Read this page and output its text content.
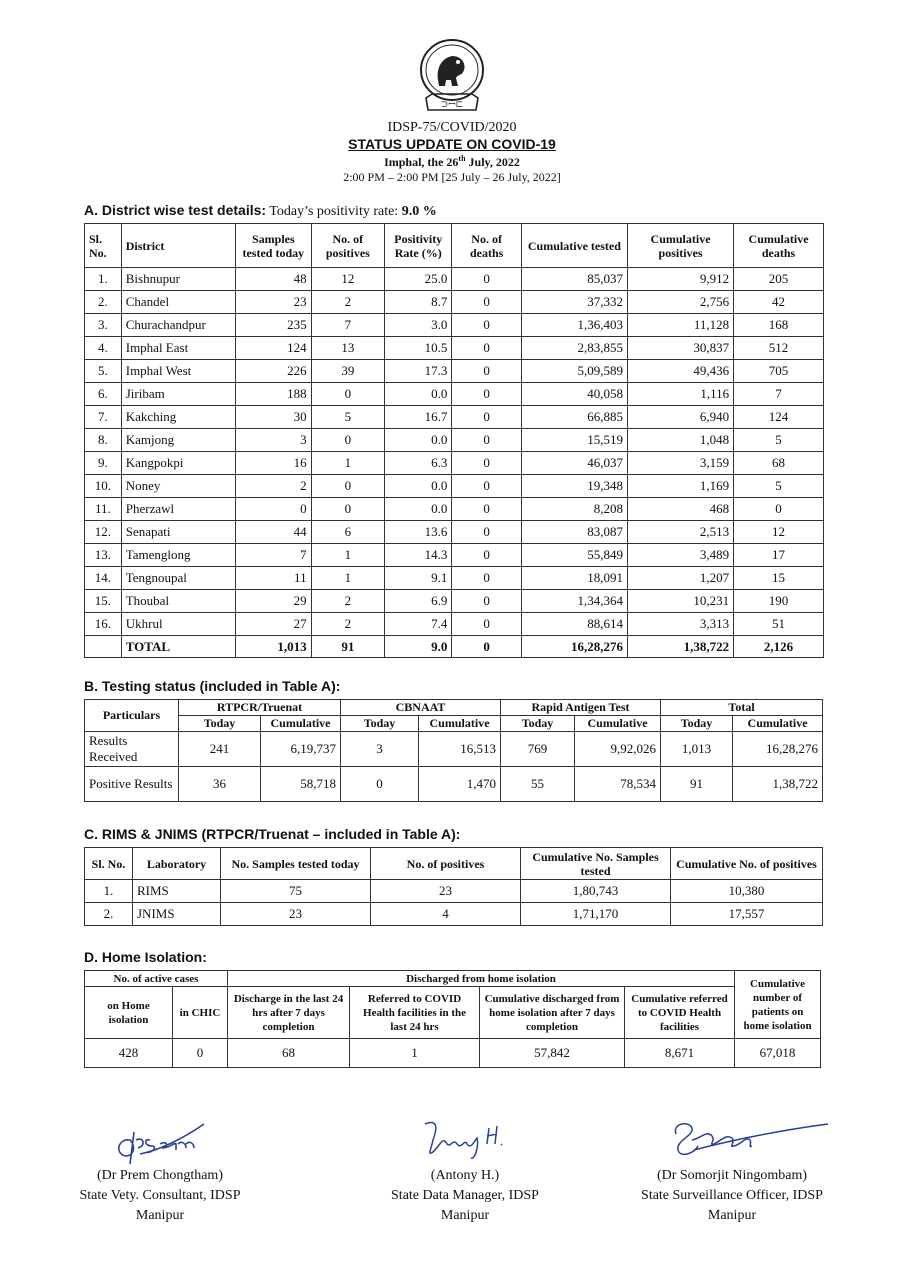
⊃ꟷ⊏
IDSP-75/COVID/2020
STATUS UPDATE ON COVID-19
Imphal, the 26th July, 2022
2:00 PM – 2:00 PM [25 July – 26 July, 2022]
A. District wise test details: Today’s positivity rate: 9.0 %
Sl. No.	District	Samples tested today	No. of positives	Positivity Rate (%)	No. of deaths	Cumulative tested	Cumulative positives	Cumulative deaths
1.	Bishnupur	48	12	25.0	0	85,037	9,912	205
2.	Chandel	23	2	8.7	0	37,332	2,756	42
3.	Churachandpur	235	7	3.0	0	1,36,403	11,128	168
4.	Imphal East	124	13	10.5	0	2,83,855	30,837	512
5.	Imphal West	226	39	17.3	0	5,09,589	49,436	705
6.	Jiribam	188	0	0.0	0	40,058	1,116	7
7.	Kakching	30	5	16.7	0	66,885	6,940	124
8.	Kamjong	3	0	0.0	0	15,519	1,048	5
9.	Kangpokpi	16	1	6.3	0	46,037	3,159	68
10.	Noney	2	0	0.0	0	19,348	1,169	5
11.	Pherzawl	0	0	0.0	0	8,208	468	0
12.	Senapati	44	6	13.6	0	83,087	2,513	12
13.	Tamenglong	7	1	14.3	0	55,849	3,489	17
14.	Tengnoupal	11	1	9.1	0	18,091	1,207	15
15.	Thoubal	29	2	6.9	0	1,34,364	10,231	190
16.	Ukhrul	27	2	7.4	0	88,614	3,313	51
	TOTAL	1,013	91	9.0	0	16,28,276	1,38,722	2,126
B. Testing status (included in Table A):
Particulars	RTPCR/Truenat		CBNAAT		Rapid Antigen Test		Total	
	Today	Cumulative	Today	Cumulative	Today	Cumulative	Today	Cumulative
Results Received	241	6,19,737	3	16,513	769	9,92,026	1,013	16,28,276
Positive Results	36	58,718	0	1,470	55	78,534	91	1,38,722
C. RIMS & JNIMS (RTPCR/Truenat – included in Table A):
Sl. No.	Laboratory	No. Samples tested today	No. of positives	Cumulative No. Samples tested	Cumulative No. of positives
1.	RIMS	75	23	1,80,743	10,380
2.	JNIMS	23	4	1,71,170	17,557
D. Home Isolation:
No. of active cases		Discharged from home isolation				Cumulative number of patients on home isolation
on Home isolation	in CHIC	Discharge in the last 24 hrs after 7 days completion	Referred to COVID Health facilities in the last 24 hrs	Cumulative discharged from home isolation after 7 days completion	Cumulative referred to COVID Health facilities	
428	0	68	1	57,842	8,671	67,018
(Dr Prem Chongtham)
State Vety. Consultant, IDSP
Manipur
(Antony H.)
State Data Manager, IDSP
Manipur
(Dr Somorjit Ningombam)
State Surveillance Officer, IDSP
Manipur
